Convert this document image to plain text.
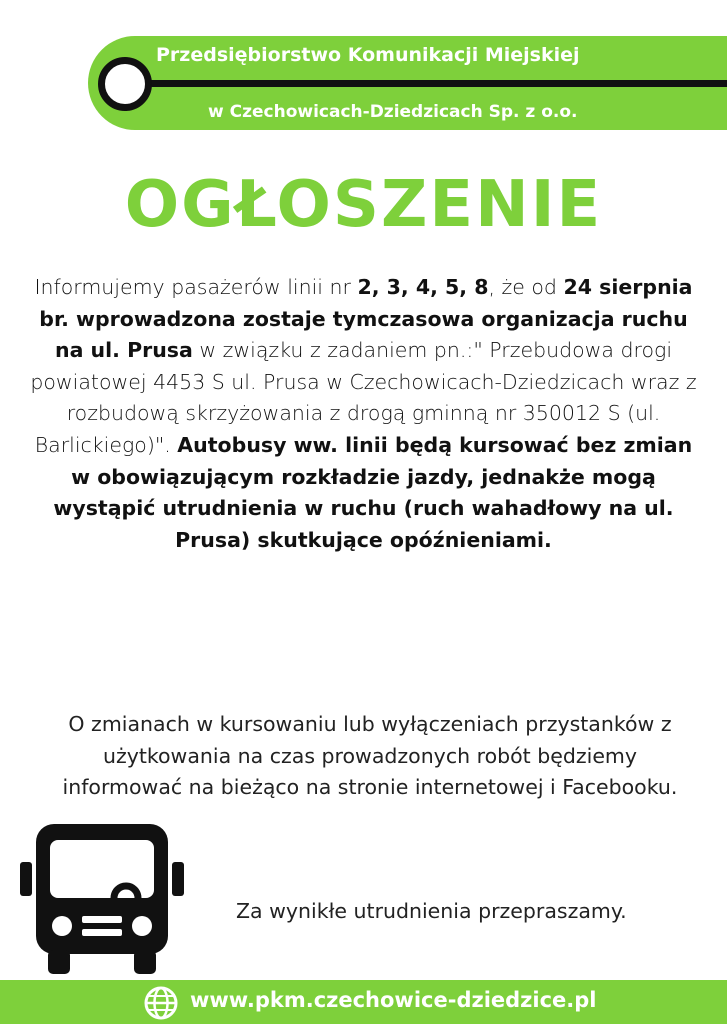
Przedsiębiorstwo Komunikacji Miejskiej
w Czechowicach-Dziedzicach Sp. z o.o.
OGŁOSZENIE
Informujemy pasażerów linii nr 2, 3, 4, 5, 8, że od 24 sierpnia br. wprowadzona zostaje tymczasowa organizacja ruchu na ul. Prusa w związku z zadaniem pn.:" Przebudowa drogi powiatowej 4453 S ul. Prusa w Czechowicach-Dziedzicach wraz z rozbudową skrzyżowania z drogą gminną nr 350012 S (ul. Barlickiego)". Autobusy ww. linii będą kursować bez zmian w obowiązującym rozkładzie jazdy, jednakże mogą wystąpić utrudnienia w ruchu (ruch wahadłowy na ul. Prusa) skutkujące opóźnieniami.
O zmianach w kursowaniu lub wyłączeniach przystanków z użytkowania na czas prowadzonych robót będziemy informować na bieżąco na stronie internetowej i Facebooku.
Za wynikłe utrudnienia przepraszamy.
www.pkm.czechowice-dziedzice.pl
